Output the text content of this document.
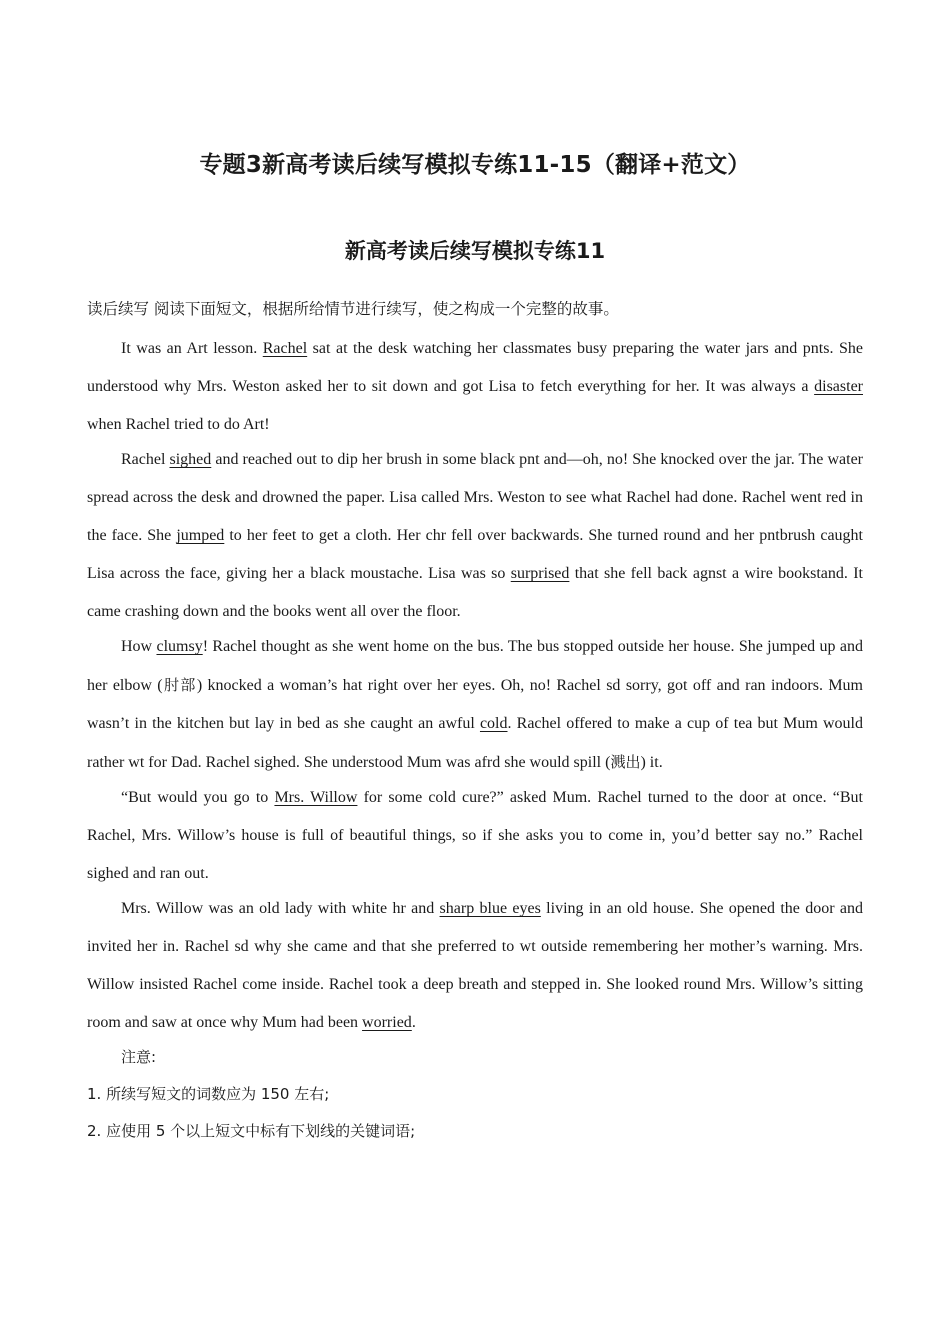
专题3新高考读后续写模拟专练11-15（翻译+范文）
新高考读后续写模拟专练11
读后续写 阅读下面短文，根据所给情节进行续写，使之构成一个完整的故事。

It was an Art lesson. Rachel sat at the desk watching her classmates busy preparing the water jars and pnts. She understood why Mrs. Weston asked her to sit down and got Lisa to fetch everything for her. It was always a disaster when Rachel tried to do Art!

Rachel sighed and reached out to dip her brush in some black pnt and—oh, no! She knocked over the jar. The water spread across the desk and drowned the paper. Lisa called Mrs. Weston to see what Rachel had done. Rachel went red in the face. She jumped to her feet to get a cloth. Her chr fell over backwards. She turned round and her pntbrush caught Lisa across the face, giving her a black moustache. Lisa was so surprised that she fell back agnst a wire bookstand. It came crashing down and the books went all over the floor.

How clumsy! Rachel thought as she went home on the bus. The bus stopped outside her house. She jumped up and her elbow (肘部) knocked a woman’s hat right over her eyes. Oh, no! Rachel sd sorry, got off and ran indoors. Mum wasn’t in the kitchen but lay in bed as she caught an awful cold. Rachel offered to make a cup of tea but Mum would rather wt for Dad. Rachel sighed. She understood Mum was afrd she would spill (溅出) it.

“But would you go to Mrs. Willow for some cold cure?” asked Mum. Rachel turned to the door at once. “But Rachel, Mrs. Willow’s house is full of beautiful things, so if she asks you to come in, you’d better say no.” Rachel sighed and ran out.

Mrs. Willow was an old lady with white hr and sharp blue eyes living in an old house. She opened the door and invited her in. Rachel sd why she came and that she preferred to wt outside remembering her mother’s warning. Mrs. Willow insisted Rachel come inside. Rachel took a deep breath and stepped in. She looked round Mrs. Willow’s sitting room and saw at once why Mum had been worried.

注意:

1. 所续写短文的词数应为 150 左右;

2. 应使用 5 个以上短文中标有下划线的关键词语;
